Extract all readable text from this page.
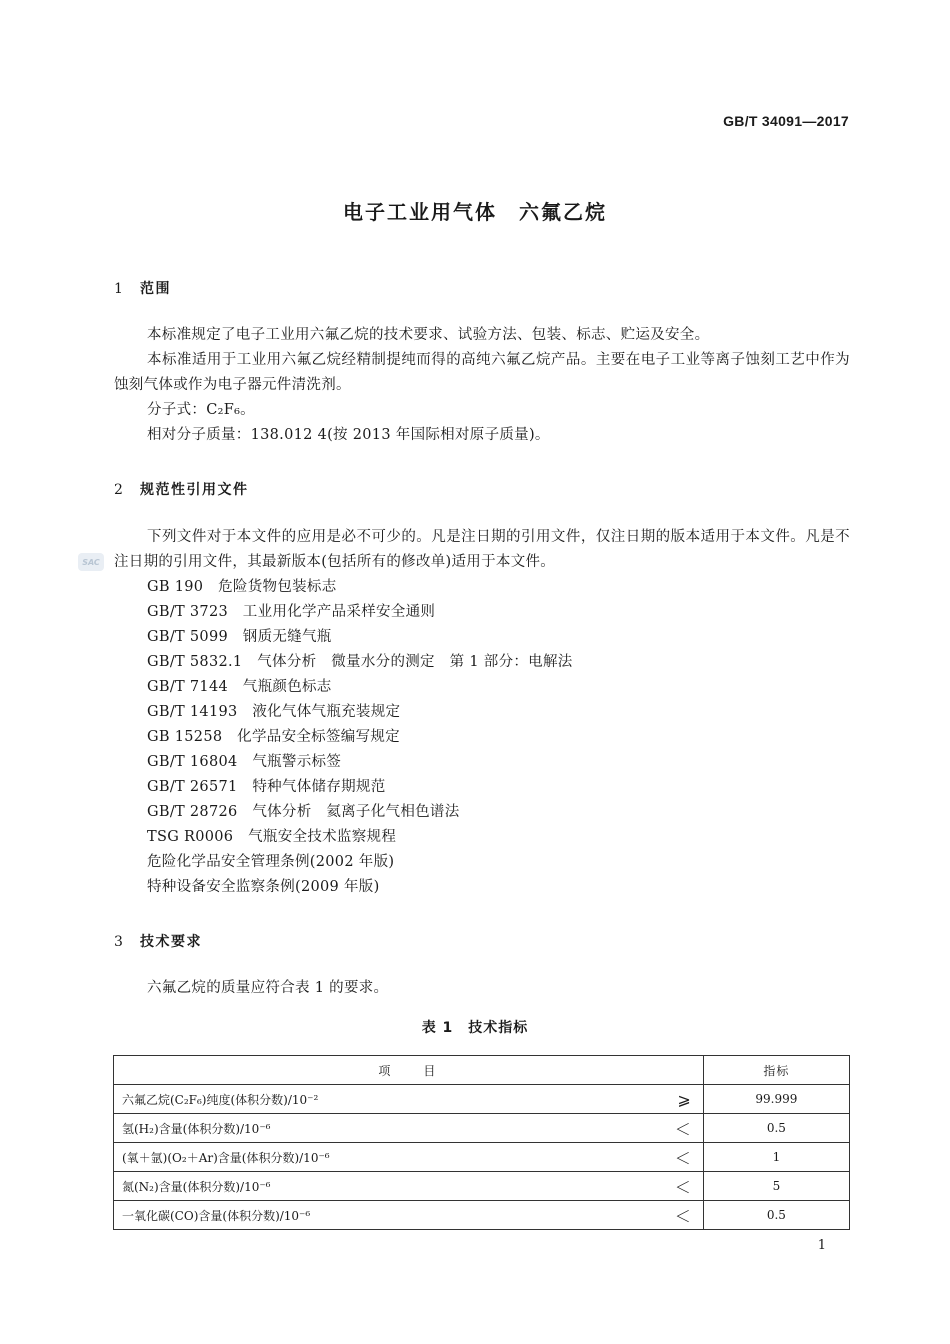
GB/T 34091—2017
电子工业用气体　六氟乙烷
1 范围
本标准规定了电子工业用六氟乙烷的技术要求、试验方法、包装、标志、贮运及安全。
本标准适用于工业用六氟乙烷经精制提纯而得的高纯六氟乙烷产品。主要在电子工业等离子蚀刻工艺中作为蚀刻气体或作为电子器元件清洗剂。
分子式：C₂F₆。
相对分子质量：138.012 4(按 2013 年国际相对原子质量)。
2 规范性引用文件
SAC
下列文件对于本文件的应用是必不可少的。凡是注日期的引用文件，仅注日期的版本适用于本文件。凡是不注日期的引用文件，其最新版本(包括所有的修改单)适用于本文件。
GB 190　危险货物包装标志
GB/T 3723　工业用化学产品采样安全通则
GB/T 5099　钢质无缝气瓶
GB/T 5832.1　气体分析　微量水分的测定　第 1 部分：电解法
GB/T 7144　气瓶颜色标志
GB/T 14193　液化气体气瓶充装规定
GB 15258　化学品安全标签编写规定
GB/T 16804　气瓶警示标签
GB/T 26571　特种气体储存期规范
GB/T 28726　气体分析　氦离子化气相色谱法
TSG R0006　气瓶安全技术监察规程
危险化学品安全管理条例(2002 年版)
特种设备安全监察条例(2009 年版)
3 技术要求
六氟乙烷的质量应符合表 1 的要求。
表 1　技术指标
项　　目	指标

六氟乙烷(C₂F₆)纯度(体积分数)/10⁻² ⩾	99.999

氢(H₂)含量(体积分数)/10⁻⁶ ＜	0.5

(氧＋氩)(O₂＋Ar)含量(体积分数)/10⁻⁶ ＜	1

氮(N₂)含量(体积分数)/10⁻⁶ ＜	5

一氧化碳(CO)含量(体积分数)/10⁻⁶ ＜	0.5
1
